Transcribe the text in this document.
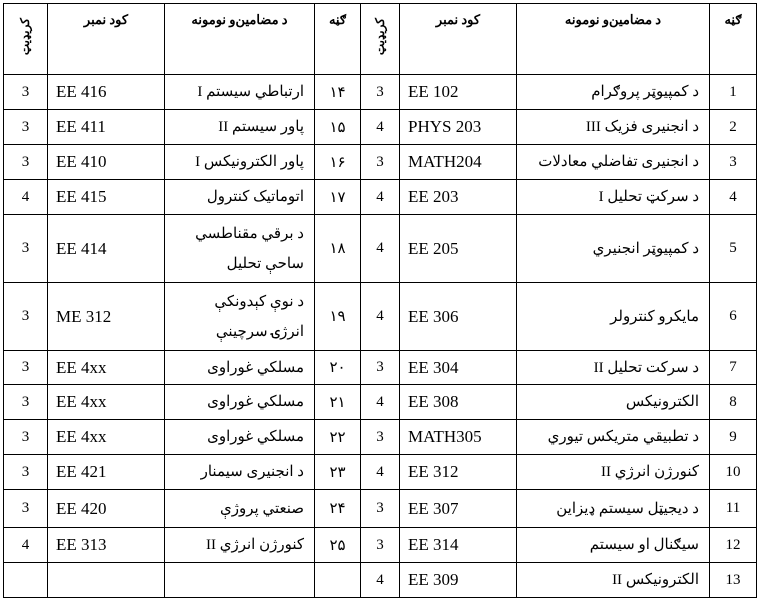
کریډیټ	کود نمبر	د مضامین‌و نومونه	ګڼه	کریډیټ	کود نمبر	د مضامین‌و نومونه	ګڼه
3	EE 416	ارتباطي سیستم I	۱۴	3	EE 102	د کمپیوټر پروګرام	1
3	EE 411	پاور سیستم II	۱۵	4	PHYS 203	د انجنیری فزیک III	2
3	EE 410	پاور الکترونیکس I	۱۶	3	MATH204	د انجنیری تفاضلي معادلات	3
4	EE 415	اتوماتیک کنترول	۱۷	4	EE 203	د سرکټ تحلیل I	4
3	EE 414	د برقي مقناطسي ساحې تحلیل	۱۸	4	EE 205	د کمپیوټر انجنیري	5
3	ME 312	د نوې کېدونکې انرژۍ سرچینې	۱۹	4	EE 306	مایکرو کنترولر	6
3	EE 4xx	مسلکي غوراوی	۲۰	3	EE 304	د سرکت تحلیل II	7
3	EE 4xx	مسلکي غوراوی	۲۱	4	EE 308	الکترونیکس	8
3	EE 4xx	مسلکي غوراوی	۲۲	3	MATH305	د تطبیقي متریکس تیوري	9
3	EE 421	د انجنیری سیمنار	۲۳	4	EE 312	کنورژن انرژي II	10
3	EE 420	صنعتي پروژې	۲۴	3	EE 307	د دیجیټل سیستم ډیزاین	11
4	EE 313	کنورژن انرژي II	۲۵	3	EE 314	سیګنال او سیستم	12
				4	EE 309	الکترونیکس II	13
